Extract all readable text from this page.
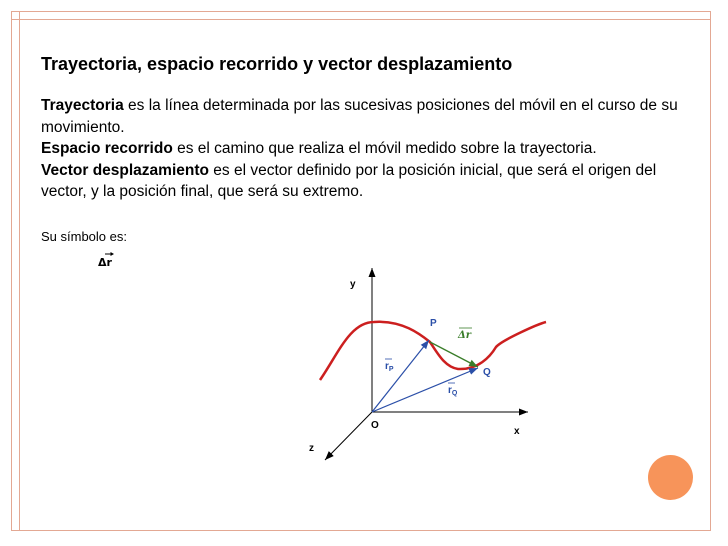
Trayectoria, espacio recorrido y vector desplazamiento

Trayectoria es la línea determinada por las sucesivas posiciones del móvil en el curso de su movimiento.

Espacio recorrido es el camino que realiza el móvil medido sobre la trayectoria.

Vector desplazamiento es el vector definido por la posición inicial, que será el origen del vector, y la posición final, que será su extremo.

Su símbolo es:
Δr
y
x
z
O
P
Q
$r_P$
$r_Q$
Δr
